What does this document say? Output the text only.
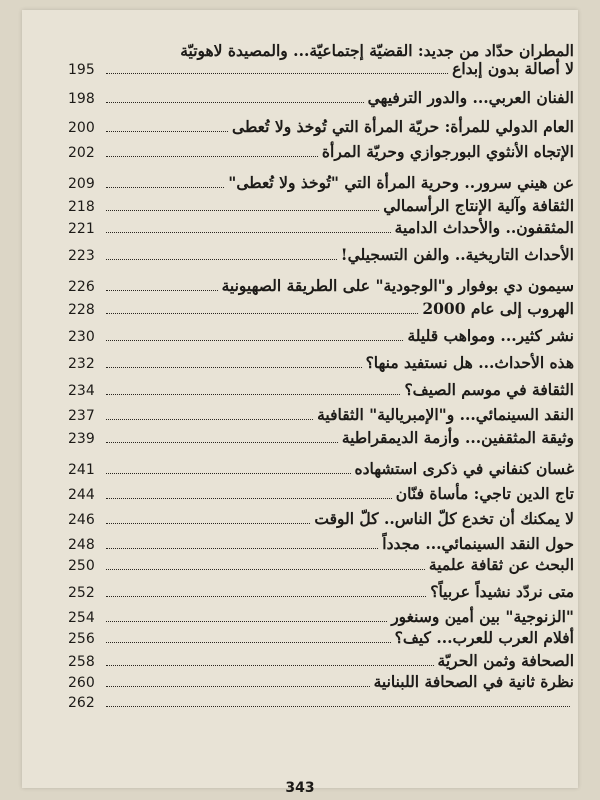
المطران حدّاد من جديد: القضيّة إجتماعيّة... والمصيدة لاهوتيّة
195	لا أصالة بدون إبداع
198	الفنان العربي... والدور الترفيهي
200	العام الدولي للمرأة: حريّة المرأة التي تُوخذ ولا تُعطى
202	الإتجاه الأنثوي البورجوازي وحريّة المرأة
209	عن هيني سرور.. وحرية المرأة التي "تُوخذ ولا تُعطى"
218	الثقافة وآلية الإنتاج الرأسمالي
221	المثقفون.. والأحداث الدامية
223	الأحداث التاريخية.. والفن التسجيلي!
226	سيمون دي بوفوار و"الوجودية" على الطريقة الصهيونية
228	الهروب إلى عام 2000
230	نشر كثير... ومواهب قليلة
232	هذه الأحداث... هل نستفيد منها؟
234	الثقافة في موسم الصيف؟
237	النقد السينمائي... و"الإمبريالية" الثقافية
239	وثيقة المثقفين... وأزمة الديمقراطية
241	غسان كنفاني في ذكرى استشهاده
244	تاج الدين تاجي: مأساة فنّان
246	لا يمكنك أن تخدع كلّ الناس.. كلّ الوقت
248	حول النقد السينمائي... مجدداً
250	البحث عن ثقافة علمية
252	متى نردّد نشيداً عربياً؟
254	"الزنوجية" بين أمين وسنغور
256	أفلام العرب للعرب... كيف؟
258	الصحافة وثمن الحريّة
260	نظرة ثانية في الصحافة اللبنانية
262
343
